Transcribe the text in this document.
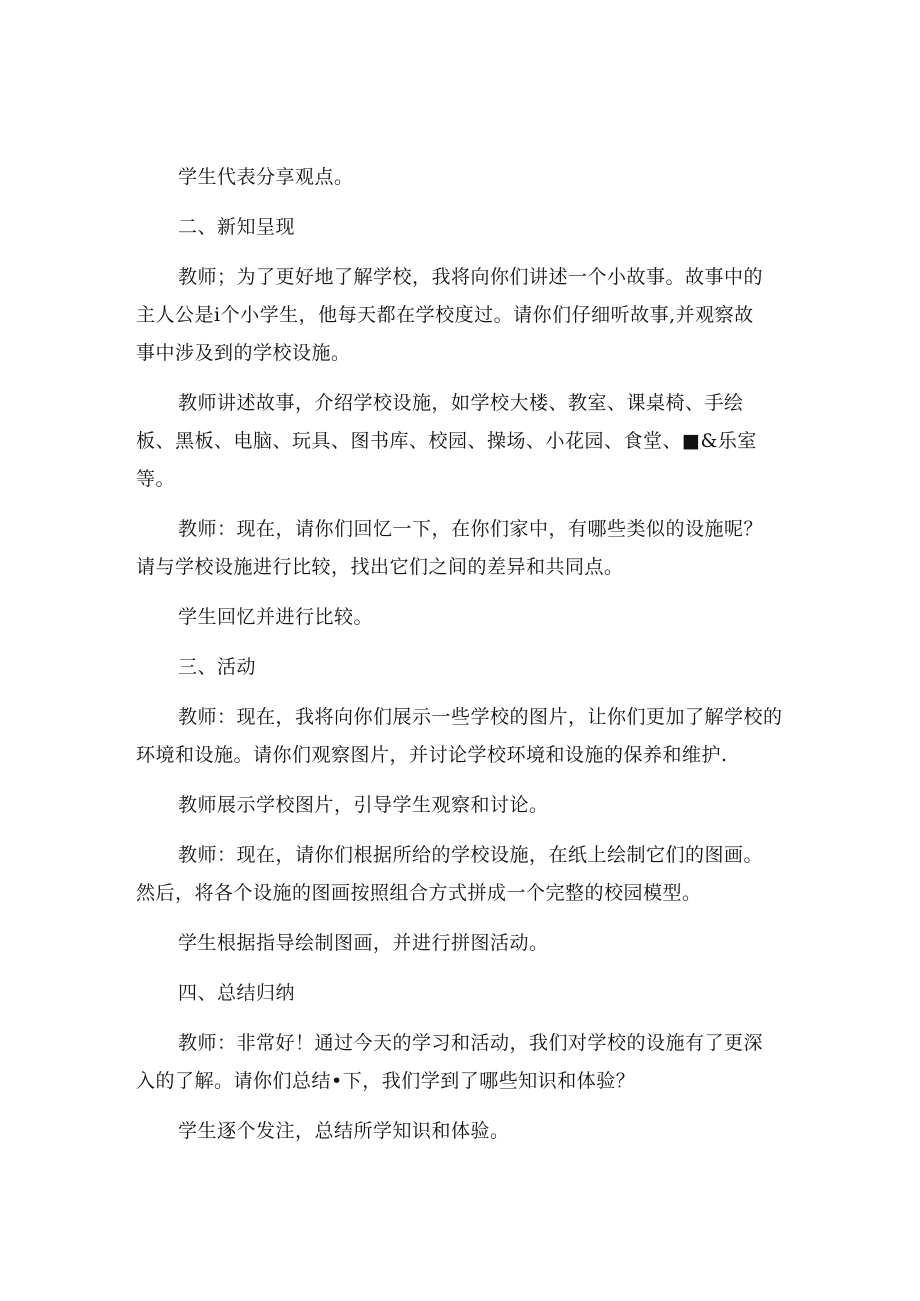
学生代表分享观点。

二、新知呈现

教师；为了更好地了解学校，我将向你们讲述一个小故事。故事中的
主人公是i个小学生，他每天都在学校度过。请你们仔细听故事,并观察故
事中涉及到的学校设施。

教师讲述故事，介绍学校设施，如学校大楼、教室、课桌椅、手绘
板、黑板、电脑、玩具、图书库、校园、操场、小花园、食堂、■&乐室
等。

教师：现在，请你们回忆一下，在你们家中，有哪些类似的设施呢？
请与学校设施进行比较，找出它们之间的差异和共同点。

学生回忆并进行比较。

三、活动

教师：现在，我将向你们展示一些学校的图片，让你们更加了解学校的
环境和设施。请你们观察图片，并讨论学校环境和设施的保养和维护.

教师展示学校图片，引导学生观察和讨论。

教师：现在，请你们根据所给的学校设施，在纸上绘制它们的图画。
然后，将各个设施的图画按照组合方式拼成一个完整的校园模型。

学生根据指导绘制图画，并进行拼图活动。

四、总结归纳

教师：非常好！通过今天的学习和活动，我们对学校的设施有了更深
入的了解。请你们总结•下，我们学到了哪些知识和体验？

学生逐个发注，总结所学知识和体验。
